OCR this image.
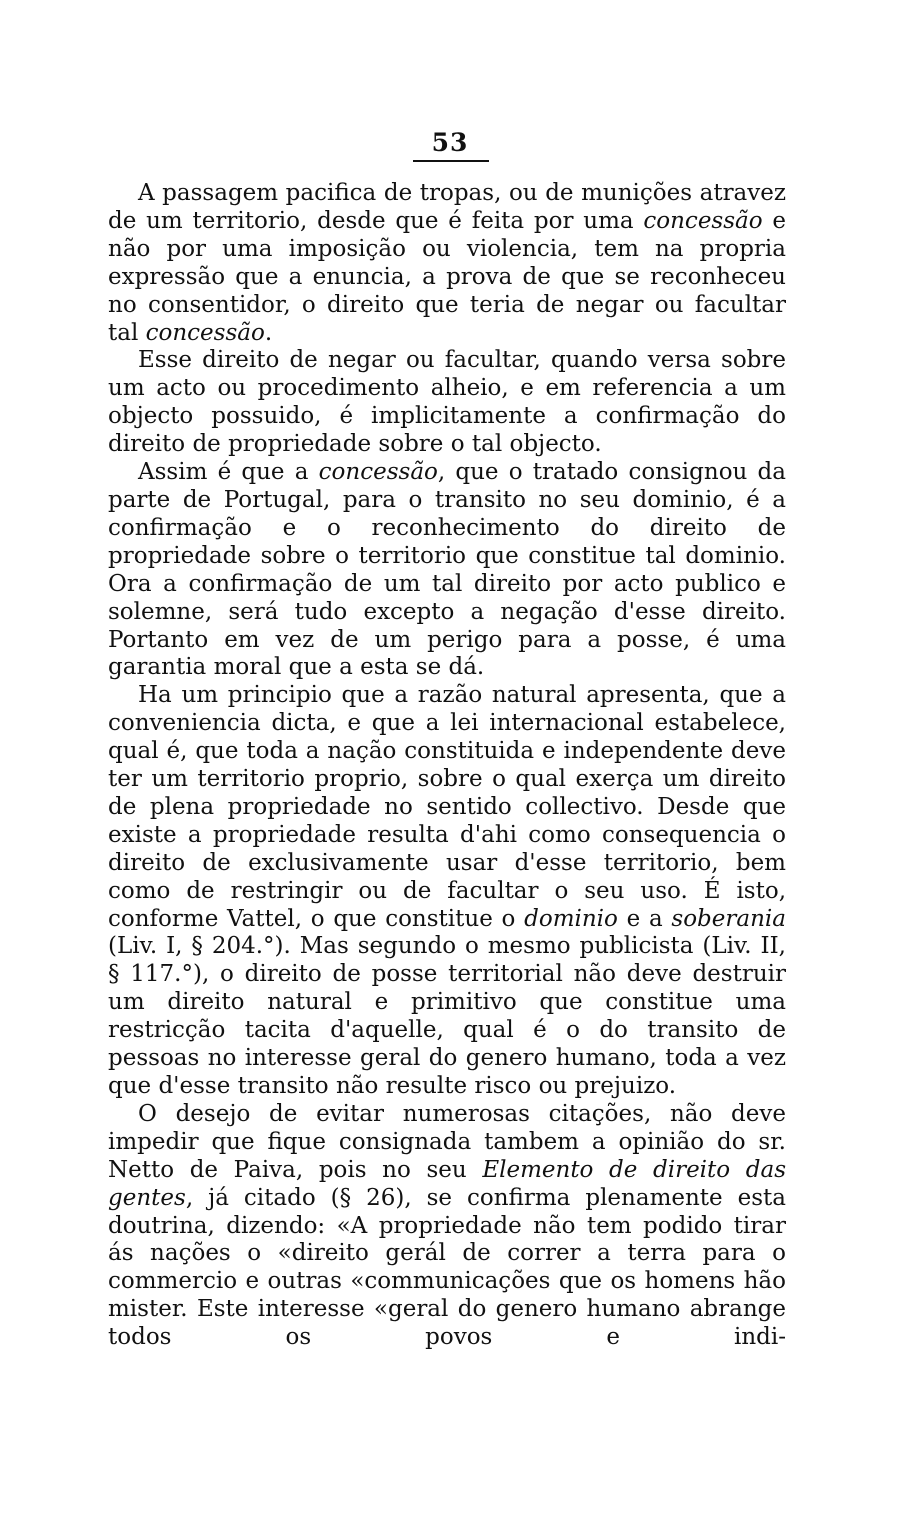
53

A passagem pacifica de tropas, ou de munições atravez de um territorio, desde que é feita por uma concessão e não por uma imposição ou violencia, tem na propria expressão que a enuncia, a prova de que se reconheceu no consentidor, o direito que teria de negar ou facultar tal concessão.

Esse direito de negar ou facultar, quando versa sobre um acto ou procedimento alheio, e em referencia a um objecto possuido, é implicitamente a confirmação do direito de propriedade sobre o tal objecto.

Assim é que a concessão, que o tratado consignou da parte de Portugal, para o transito no seu dominio, é a confirmação e o reconhecimento do direito de propriedade sobre o territorio que constitue tal dominio. Ora a confirmação de um tal direito por acto publico e solemne, será tudo excepto a negação d'esse direito. Portanto em vez de um perigo para a posse, é uma garantia moral que a esta se dá.

Ha um principio que a razão natural apresenta, que a conveniencia dicta, e que a lei internacional estabelece, qual é, que toda a nação constituida e independente deve ter um territorio proprio, sobre o qual exerça um direito de plena propriedade no sentido collectivo. Desde que existe a propriedade resulta d'ahi como consequencia o direito de exclusivamente usar d'esse territorio, bem como de restringir ou de facultar o seu uso. É isto, conforme Vattel, o que constitue o dominio e a soberania (Liv. I, § 204.°). Mas segundo o mesmo publicista (Liv. II, § 117.°), o direito de posse territorial não deve destruir um direito natural e primitivo que constitue uma restricção tacita d'aquelle, qual é o do transito de pessoas no interesse geral do genero humano, toda a vez que d'esse transito não resulte risco ou prejuizo.

O desejo de evitar numerosas citações, não deve impedir que fique consignada tambem a opinião do sr. Netto de Paiva, pois no seu Elemento de direito das gentes, já citado (§ 26), se confirma plenamente esta doutrina, dizendo: «A propriedade não tem podido tirar ás nações o «direito gerál de correr a terra para o commercio e outras «communicações que os homens hão mister. Este interesse «geral do genero humano abrange todos os povos e indi-
